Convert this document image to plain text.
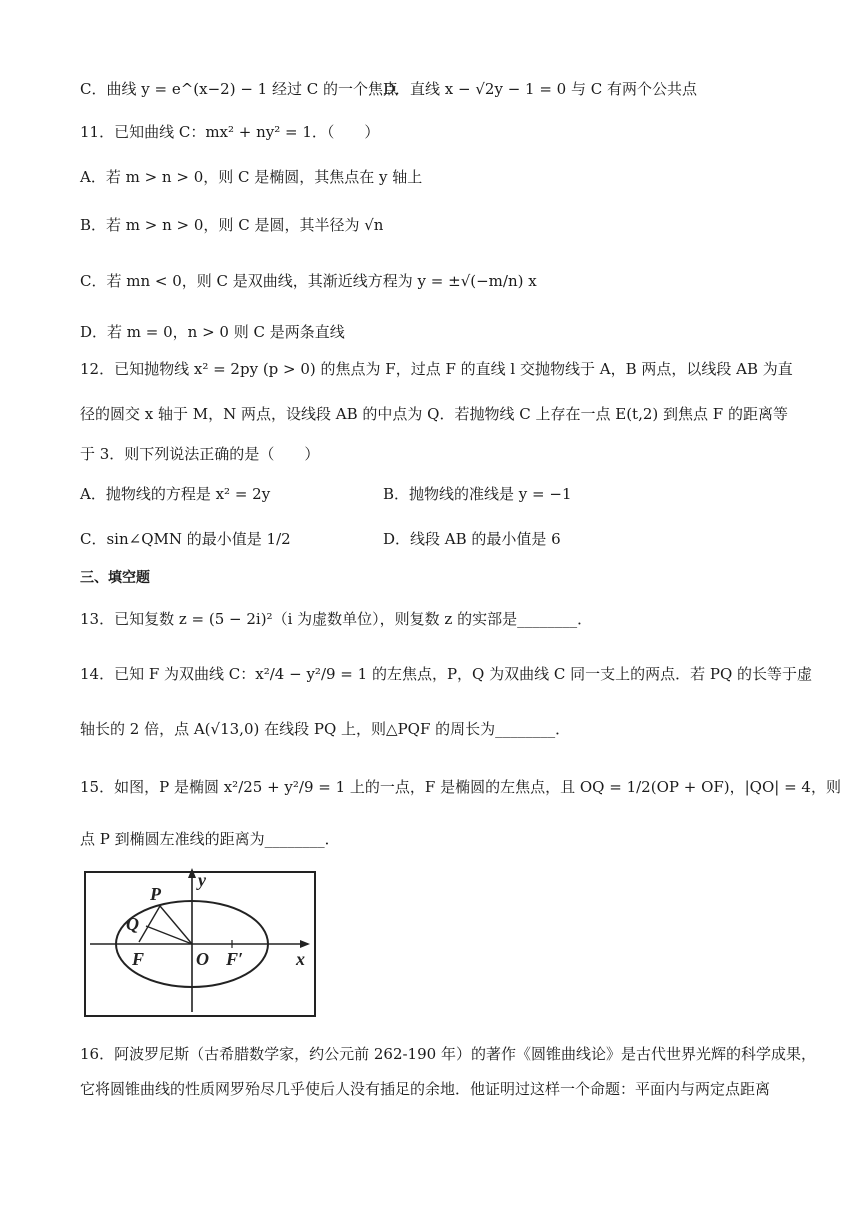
C．曲线 y = e^(x−2) − 1 经过 C 的一个焦点
D．直线 x − √2y − 1 = 0 与 C 有两个公共点
11．已知曲线 C：mx² + ny² = 1．（　　）
A．若 m > n > 0，则 C 是椭圆，其焦点在 y 轴上
B．若 m > n > 0，则 C 是圆，其半径为 √n
C．若 mn < 0，则 C 是双曲线，其渐近线方程为 y = ±√(−m/n) x
D．若 m = 0，n > 0 则 C 是两条直线
12．已知抛物线 x² = 2py (p > 0) 的焦点为 F，过点 F 的直线 l 交抛物线于 A，B 两点，以线段 AB 为直
径的圆交 x 轴于 M，N 两点，设线段 AB 的中点为 Q．若抛物线 C 上存在一点 E(t,2) 到焦点 F 的距离等
于 3．则下列说法正确的是（　　）
A．抛物线的方程是 x² = 2y	B．抛物线的准线是 y = −1
C．sin∠QMN 的最小值是 1/2	D．线段 AB 的最小值是 6
三、填空题
13．已知复数 z = (5 − 2i)²（i 为虚数单位），则复数 z 的实部是________．
14．已知 F 为双曲线 C：x²/4 − y²/9 = 1 的左焦点，P，Q 为双曲线 C 同一支上的两点．若 PQ 的长等于虚
轴长的 2 倍，点 A(√13,0) 在线段 PQ 上，则△PQF 的周长为________．
15．如图，P 是椭圆 x²/25 + y²/9 = 1 上的一点，F 是椭圆的左焦点，且 OQ = 1/2(OP + OF)，|QO| = 4，则
点 P 到椭圆左准线的距离为________．
P
Q
F	O F′	x
y
16．阿波罗尼斯（古希腊数学家，约公元前 262-190 年）的著作《圆锥曲线论》是古代世界光辉的科学成果，
它将圆锥曲线的性质网罗殆尽几乎使后人没有插足的余地．他证明过这样一个命题：平面内与两定点距离
